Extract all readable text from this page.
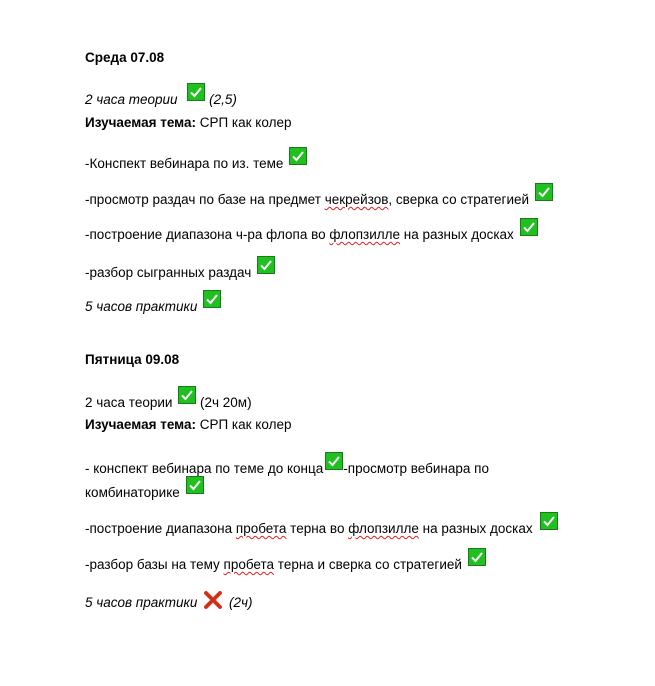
Среда 07.08
2 часа теории (2,5)
Изучаемая тема: СРП как колер
-Конспект вебинара по из. теме
-просмотр раздач по базе на предмет чекрейзов, сверка со стратегией
-построение диапазона ч-ра флопа во флопзилле на разных досках
-разбор сыгранных раздач
5 часов практики
Пятница 09.08
2 часа теории (2ч 20м)
Изучаемая тема: СРП как колер
- конспект вебинара по теме до конца -просмотр вебинара по
комбинаторике
-построение диапазона пробета терна во флопзилле на разных досках
-разбор базы на тему пробета терна и сверка со стратегией
5 часов практики (2ч)
